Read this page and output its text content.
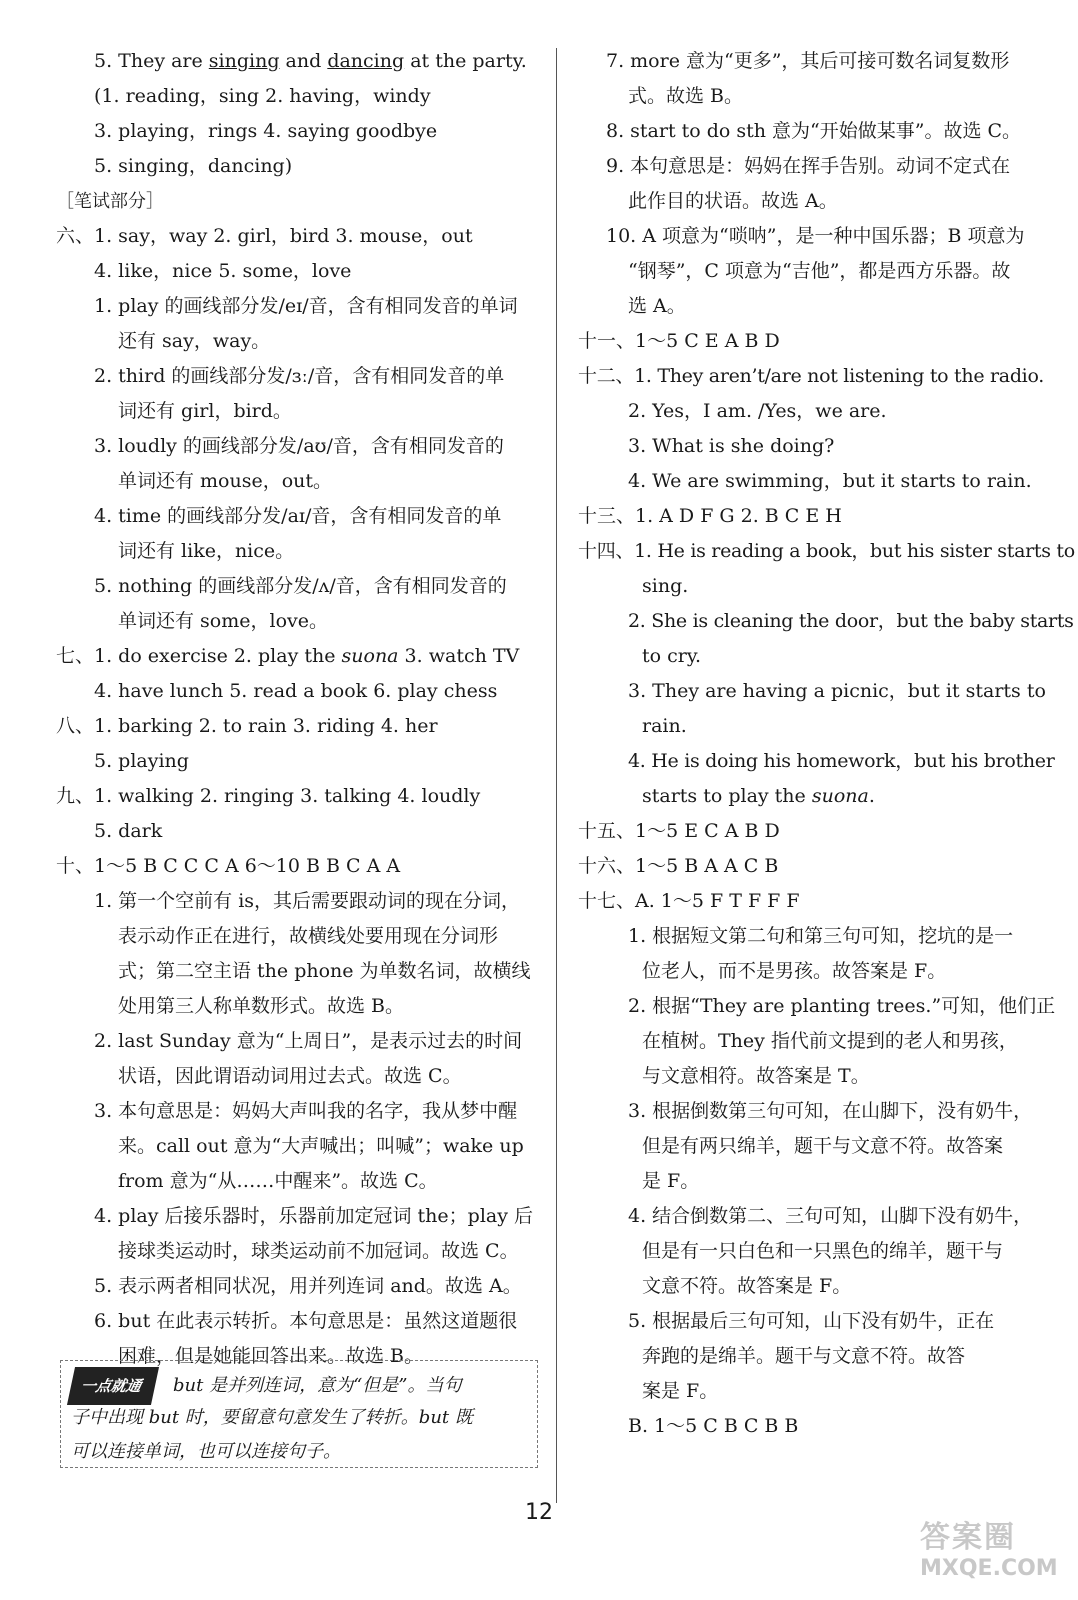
5. They are singing and dancing at the party.
(1. reading，sing 2. having，windy
3. playing，rings 4. saying goodbye
5. singing，dancing)
［笔试部分］
六、1. say，way 2. girl，bird 3. mouse，out
4. like，nice 5. some，love
1. play 的画线部分发/eɪ/音，含有相同发音的单词
还有 say，way。
2. third 的画线部分发/ɜː/音，含有相同发音的单
词还有 girl，bird。
3. loudly 的画线部分发/aʊ/音，含有相同发音的
单词还有 mouse，out。
4. time 的画线部分发/aɪ/音，含有相同发音的单
词还有 like，nice。
5. nothing 的画线部分发/ʌ/音，含有相同发音的
单词还有 some，love。
七、1. do exercise 2. play the suona 3. watch TV
4. have lunch 5. read a book 6. play chess
八、1. barking 2. to rain 3. riding 4. her
5. playing
九、1. walking 2. ringing 3. talking 4. loudly
5. dark
十、1～5 B C C C A 6～10 B B C A A
1. 第一个空前有 is，其后需要跟动词的现在分词，
表示动作正在进行，故横线处要用现在分词形
式；第二空主语 the phone 为单数名词，故横线
处用第三人称单数形式。故选 B。
2. last Sunday 意为“上周日”，是表示过去的时间
状语，因此谓语动词用过去式。故选 C。
3. 本句意思是：妈妈大声叫我的名字，我从梦中醒
来。call out 意为“大声喊出；叫喊”；wake up
from 意为“从……中醒来”。故选 C。
4. play 后接乐器时，乐器前加定冠词 the；play 后
接球类运动时，球类运动前不加冠词。故选 C。
5. 表示两者相同状况，用并列连词 and。故选 A。
6. but 在此表示转折。本句意思是：虽然这道题很
困难，但是她能回答出来。故选 B。
一点就通 but 是并列连词，意为“但是”。当句
子中出现 but 时，要留意句意发生了转折。but 既
可以连接单词，也可以连接句子。
7. more 意为“更多”，其后可接可数名词复数形
式。故选 B。
8. start to do sth 意为“开始做某事”。故选 C。
9. 本句意思是：妈妈在挥手告别。动词不定式在
此作目的状语。故选 A。
10. A 项意为“唢呐”，是一种中国乐器；B 项意为
“钢琴”，C 项意为“吉他”，都是西方乐器。故
选 A。
十一、1～5 C E A B D
十二、1. They aren’t/are not listening to the radio.
2. Yes，I am. /Yes，we are.
3. What is she doing?
4. We are swimming，but it starts to rain.
十三、1. A D F G 2. B C E H
十四、1. He is reading a book，but his sister starts to
sing.
2. She is cleaning the door，but the baby starts
to cry.
3. They are having a picnic，but it starts to
rain.
4. He is doing his homework，but his brother
starts to play the suona.
十五、1～5 E C A B D
十六、1～5 B A A C B
十七、A. 1～5 F T F F F
1. 根据短文第二句和第三句可知，挖坑的是一
位老人，而不是男孩。故答案是 F。
2. 根据“They are planting trees.”可知，他们正
在植树。They 指代前文提到的老人和男孩，
与文意相符。故答案是 T。
3. 根据倒数第三句可知，在山脚下，没有奶牛，
但是有两只绵羊，题干与文意不符。故答案
是 F。
4. 结合倒数第二、三句可知，山脚下没有奶牛，
但是有一只白色和一只黑色的绵羊，题干与
文意不符。故答案是 F。
5. 根据最后三句可知，山下没有奶牛，正在
奔跑的是绵羊。题干与文意不符。故答
案是 F。
B. 1～5 C B C B B
12
答案圈
MXQE.COM
